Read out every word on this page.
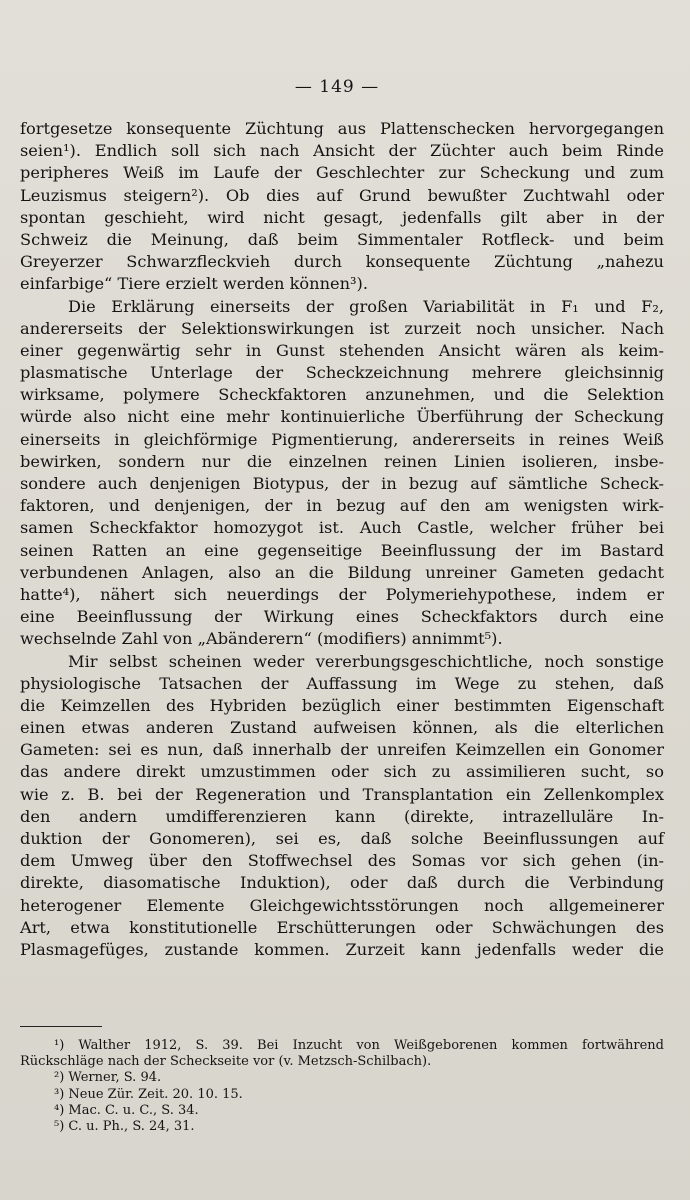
— 149 —
fortgesetze konsequente Züchtung aus Plattenschecken hervorgegangen
seien¹). Endlich soll sich nach Ansicht der Züchter auch beim Rinde
peripheres Weiß im Laufe der Geschlechter zur Scheckung und zum
Leuzismus steigern²). Ob dies auf Grund bewußter Zuchtwahl oder
spontan geschieht, wird nicht gesagt, jedenfalls gilt aber in der
Schweiz die Meinung, daß beim Simmentaler Rotfleck- und beim
Greyerzer Schwarzfleckvieh durch konsequente Züchtung „nahezu
einfarbige“ Tiere erzielt werden können³).
Die Erklärung einerseits der großen Variabilität in F₁ und F₂,
andererseits der Selektionswirkungen ist zurzeit noch unsicher. Nach
einer gegenwärtig sehr in Gunst stehenden Ansicht wären als keim-
plasmatische Unterlage der Scheckzeichnung mehrere gleichsinnig
wirksame, polymere Scheckfaktoren anzunehmen, und die Selektion
würde also nicht eine mehr kontinuierliche Überführung der Scheckung
einerseits in gleichförmige Pigmentierung, andererseits in reines Weiß
bewirken, sondern nur die einzelnen reinen Linien isolieren, insbe-
sondere auch denjenigen Biotypus, der in bezug auf sämtliche Scheck-
faktoren, und denjenigen, der in bezug auf den am wenigsten wirk-
samen Scheckfaktor homozygot ist. Auch Castle, welcher früher bei
seinen Ratten an eine gegenseitige Beeinflussung der im Bastard
verbundenen Anlagen, also an die Bildung unreiner Gameten gedacht
hatte⁴), nähert sich neuerdings der Polymeriehypothese, indem er
eine Beeinflussung der Wirkung eines Scheckfaktors durch eine
wechselnde Zahl von „Abänderern“ (modifiers) annimmt⁵).
Mir selbst scheinen weder vererbungsgeschichtliche, noch sonstige
physiologische Tatsachen der Auffassung im Wege zu stehen, daß
die Keimzellen des Hybriden bezüglich einer bestimmten Eigenschaft
einen etwas anderen Zustand aufweisen können, als die elterlichen
Gameten: sei es nun, daß innerhalb der unreifen Keimzellen ein Gonomer
das andere direkt umzustimmen oder sich zu assimilieren sucht, so
wie z. B. bei der Regeneration und Transplantation ein Zellenkomplex
den andern umdifferenzieren kann (direkte, intrazelluläre In-
duktion der Gonomeren), sei es, daß solche Beeinflussungen auf
dem Umweg über den Stoffwechsel des Somas vor sich gehen (in-
direkte, diasomatische Induktion), oder daß durch die Verbindung
heterogener Elemente Gleichgewichtsstörungen noch allgemeinerer
Art, etwa konstitutionelle Erschütterungen oder Schwächungen des
Plasmagefüges, zustande kommen. Zurzeit kann jedenfalls weder die
¹) Walther 1912, S. 39. Bei Inzucht von Weißgeborenen kommen fortwährend
Rückschläge nach der Scheckseite vor (v. Metzsch-Schilbach).
²) Werner, S. 94.
³) Neue Zür. Zeit. 20. 10. 15.
⁴) Mac. C. u. C., S. 34.
⁵) C. u. Ph., S. 24, 31.
